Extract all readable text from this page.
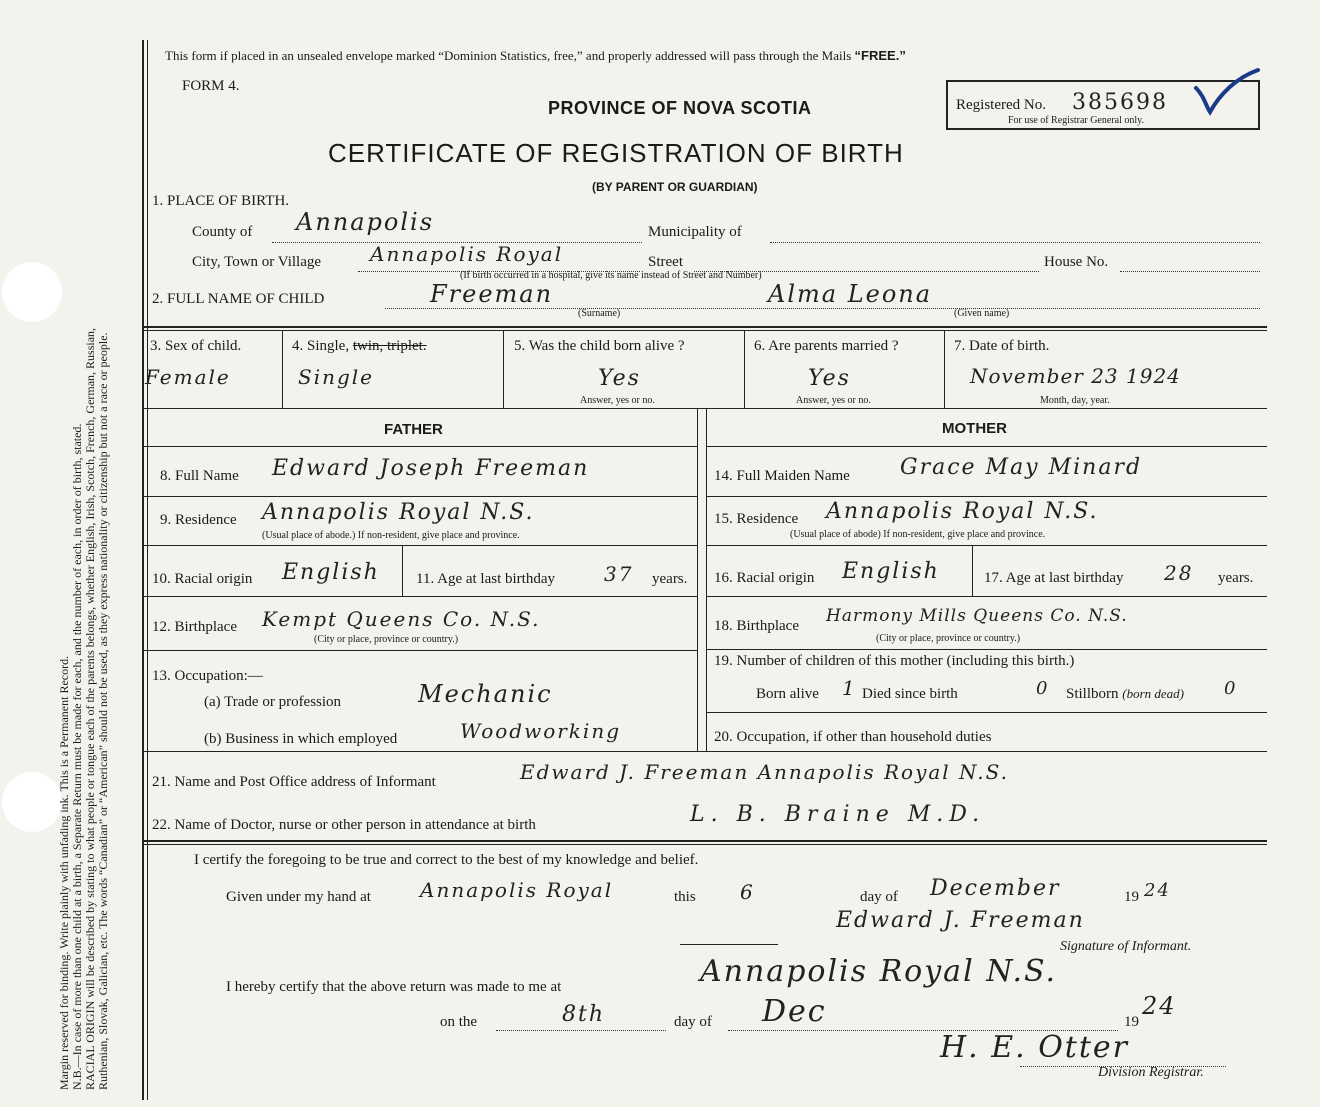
Margin reserved for binding. Write plainly with unfading ink. This is a Permanent Record. N.B.—In case of more than one child at a birth, a Separate Return must be made for each, and the number of each, in order of birth, stated. RACIAL ORIGIN will be described by stating to what people or tongue each of the parents belongs, whether English, Irish, Scotch, French, German, Russian, Ruthenian, Slovak, Galician, etc. The words “Canadian” or “American” should not be used, as they express nationality or citizenship but not a race or people.
This form if placed in an unsealed envelope marked “Dominion Statistics, free,” and properly addressed will pass through the Mails “FREE.”
FORM 4.
PROVINCE OF NOVA SCOTIA	Registered No. 385698
For use of Registrar General only.
CERTIFICATE OF REGISTRATION OF BIRTH
(BY PARENT OR GUARDIAN)
1. PLACE OF BIRTH.
County of Annapolis	Municipality of
City, Town or Village Annapolis Royal	Street
(If birth occurred in a hospital, give its name instead of Street and Number)
House No.
2. FULL NAME OF CHILD	Freeman	Alma Leona
(Surname)	(Given name)
3. Sex of child.
Female
4. Single, twin, triplet.
Single
5. Was the child born alive ?
Yes
Answer, yes or no.
6. Are parents married ?
Yes
Answer, yes or no.
7. Date of birth.
November 23 1924
Month, day, year.
FATHER	MOTHER
8. Full Name Edward Joseph Freeman
9. Residence Annapolis Royal N.S.
(Usual place of abode.) If non-resident, give place and province.
10. Racial origin English 11. Age at last birthday 37 years.
12. Birthplace Kempt Queens Co. N.S.
(City or place, province or country.)
13. Occupation:—
(a) Trade or profession	Mechanic
(b) Business in which employed	Woodworking
14. Full Maiden Name Grace May Minard
15. Residence Annapolis Royal N.S.
(Usual place of abode) If non-resident, give place and province.
16. Racial origin English	17. Age at last birthday 28 years.
18. Birthplace Harmony Mills Queens Co. N.S.
(City or place, province or country.)
19. Number of children of this mother (including this birth.)
Born alive 1 Died since birth	0 Stillborn (born dead) 0
20. Occupation, if other than household duties
21. Name and Post Office address of Informant	Edward J. Freeman Annapolis Royal N.S.
22. Name of Doctor, nurse or other person in attendance at birth	L. B. Braine M.D.
I certify the foregoing to be true and correct to the best of my knowledge and belief.
Given under my hand at Annapolis Royal	this 6	day of December	19 24
Edward J. Freeman
Signature of Informant.
I hereby certify that the above return was made to me at	Annapolis Royal N.S.
on the	8th	day of Dec	19
24
H. E. Otter
Division Registrar.
